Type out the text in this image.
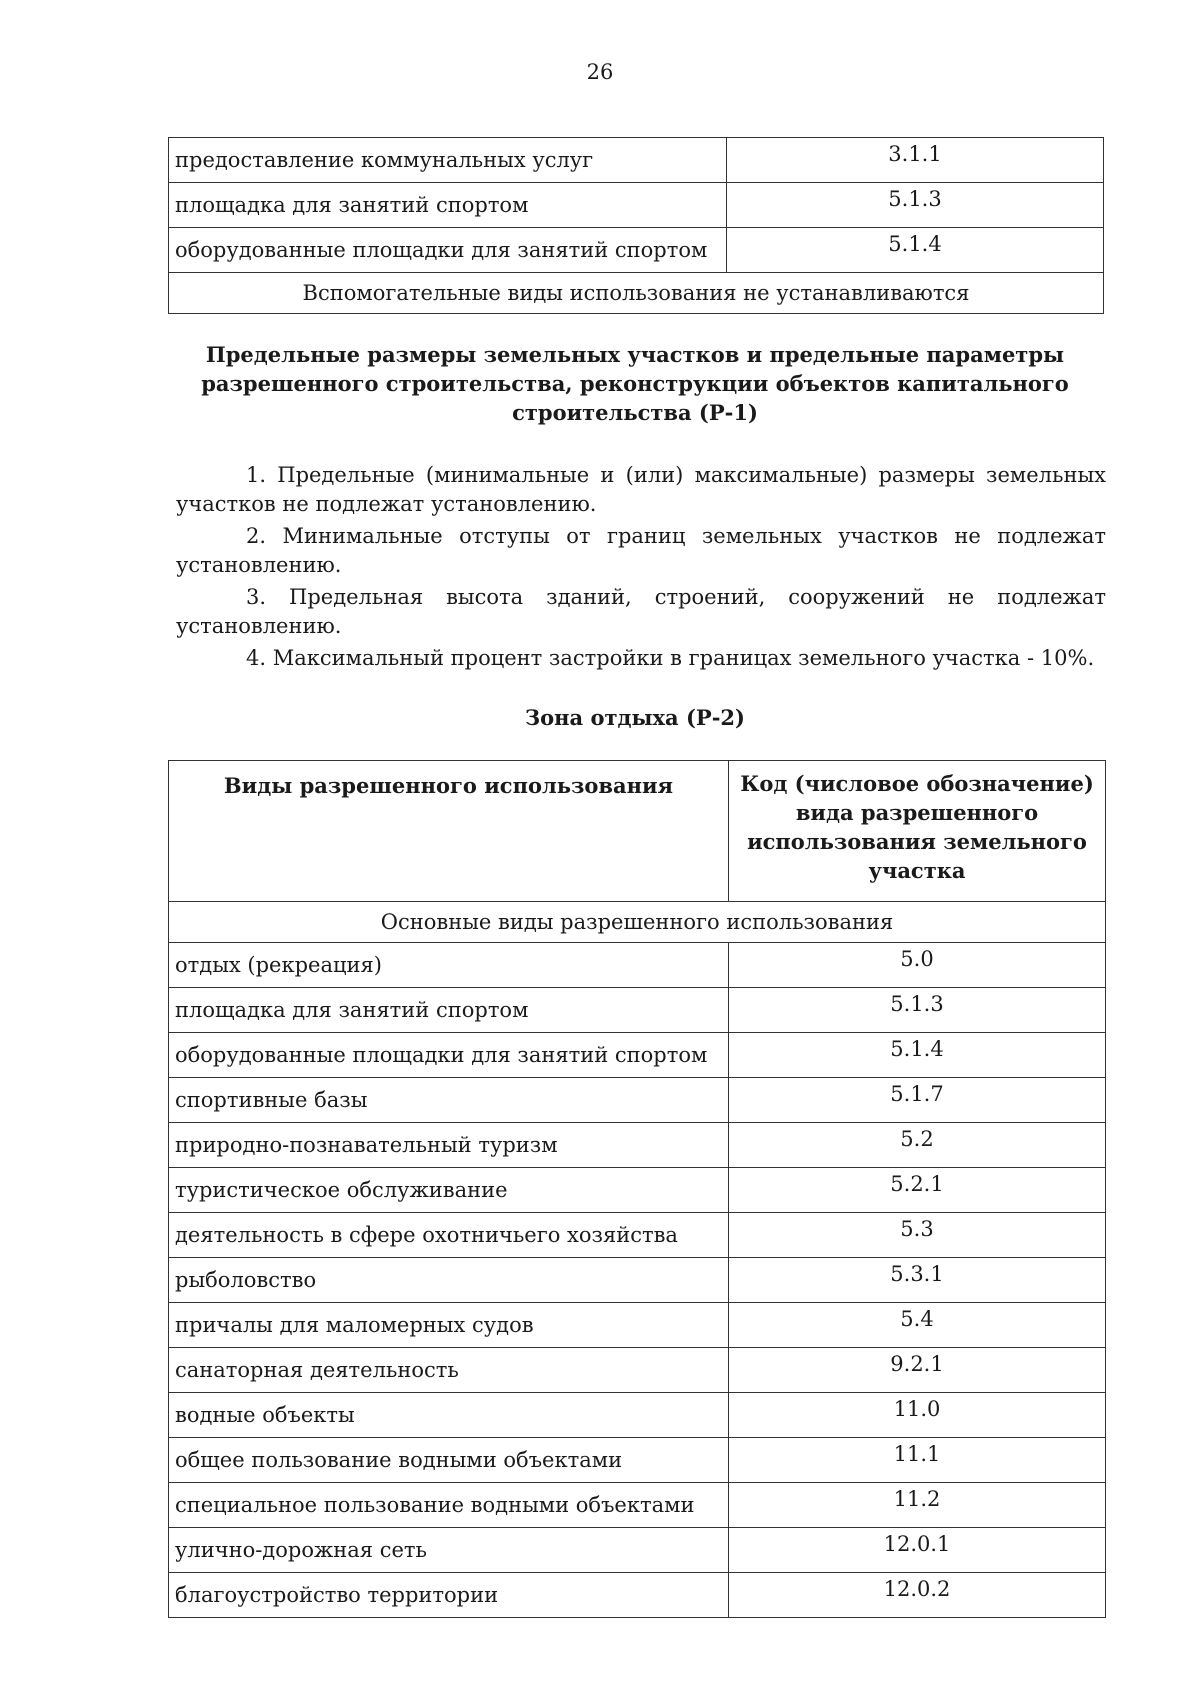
26
предоставление коммунальных услуг	3.1.1
площадка для занятий спортом	5.1.3
оборудованные площадки для занятий спортом	5.1.4
Вспомогательные виды использования не устанавливаются	
Предельные размеры земельных участков и предельные параметры
разрешенного строительства, реконструкции объектов капитального
строительства (Р-1)
1. Предельные (минимальные и (или) максимальные) размеры земельных участков не подлежат установлению.
2. Минимальные отступы от границ земельных участков не подлежат установлению.
3. Предельная высота зданий, строений, сооружений не подлежат установлению.
4. Максимальный процент застройки в границах земельного участка - 10%.
Зона отдыха (Р-2)
Виды разрешенного использования	Код (числовое обозначение) вида разрешенного использования земельного участка
Основные виды разрешенного использования	
отдых (рекреация)	5.0
площадка для занятий спортом	5.1.3
оборудованные площадки для занятий спортом	5.1.4
спортивные базы	5.1.7
природно-познавательный туризм	5.2
туристическое обслуживание	5.2.1
деятельность в сфере охотничьего хозяйства	5.3
рыболовство	5.3.1
причалы для маломерных судов	5.4
санаторная деятельность	9.2.1
водные объекты	11.0
общее пользование водными объектами	11.1
специальное пользование водными объектами	11.2
улично-дорожная сеть	12.0.1
благоустройство территории	12.0.2
